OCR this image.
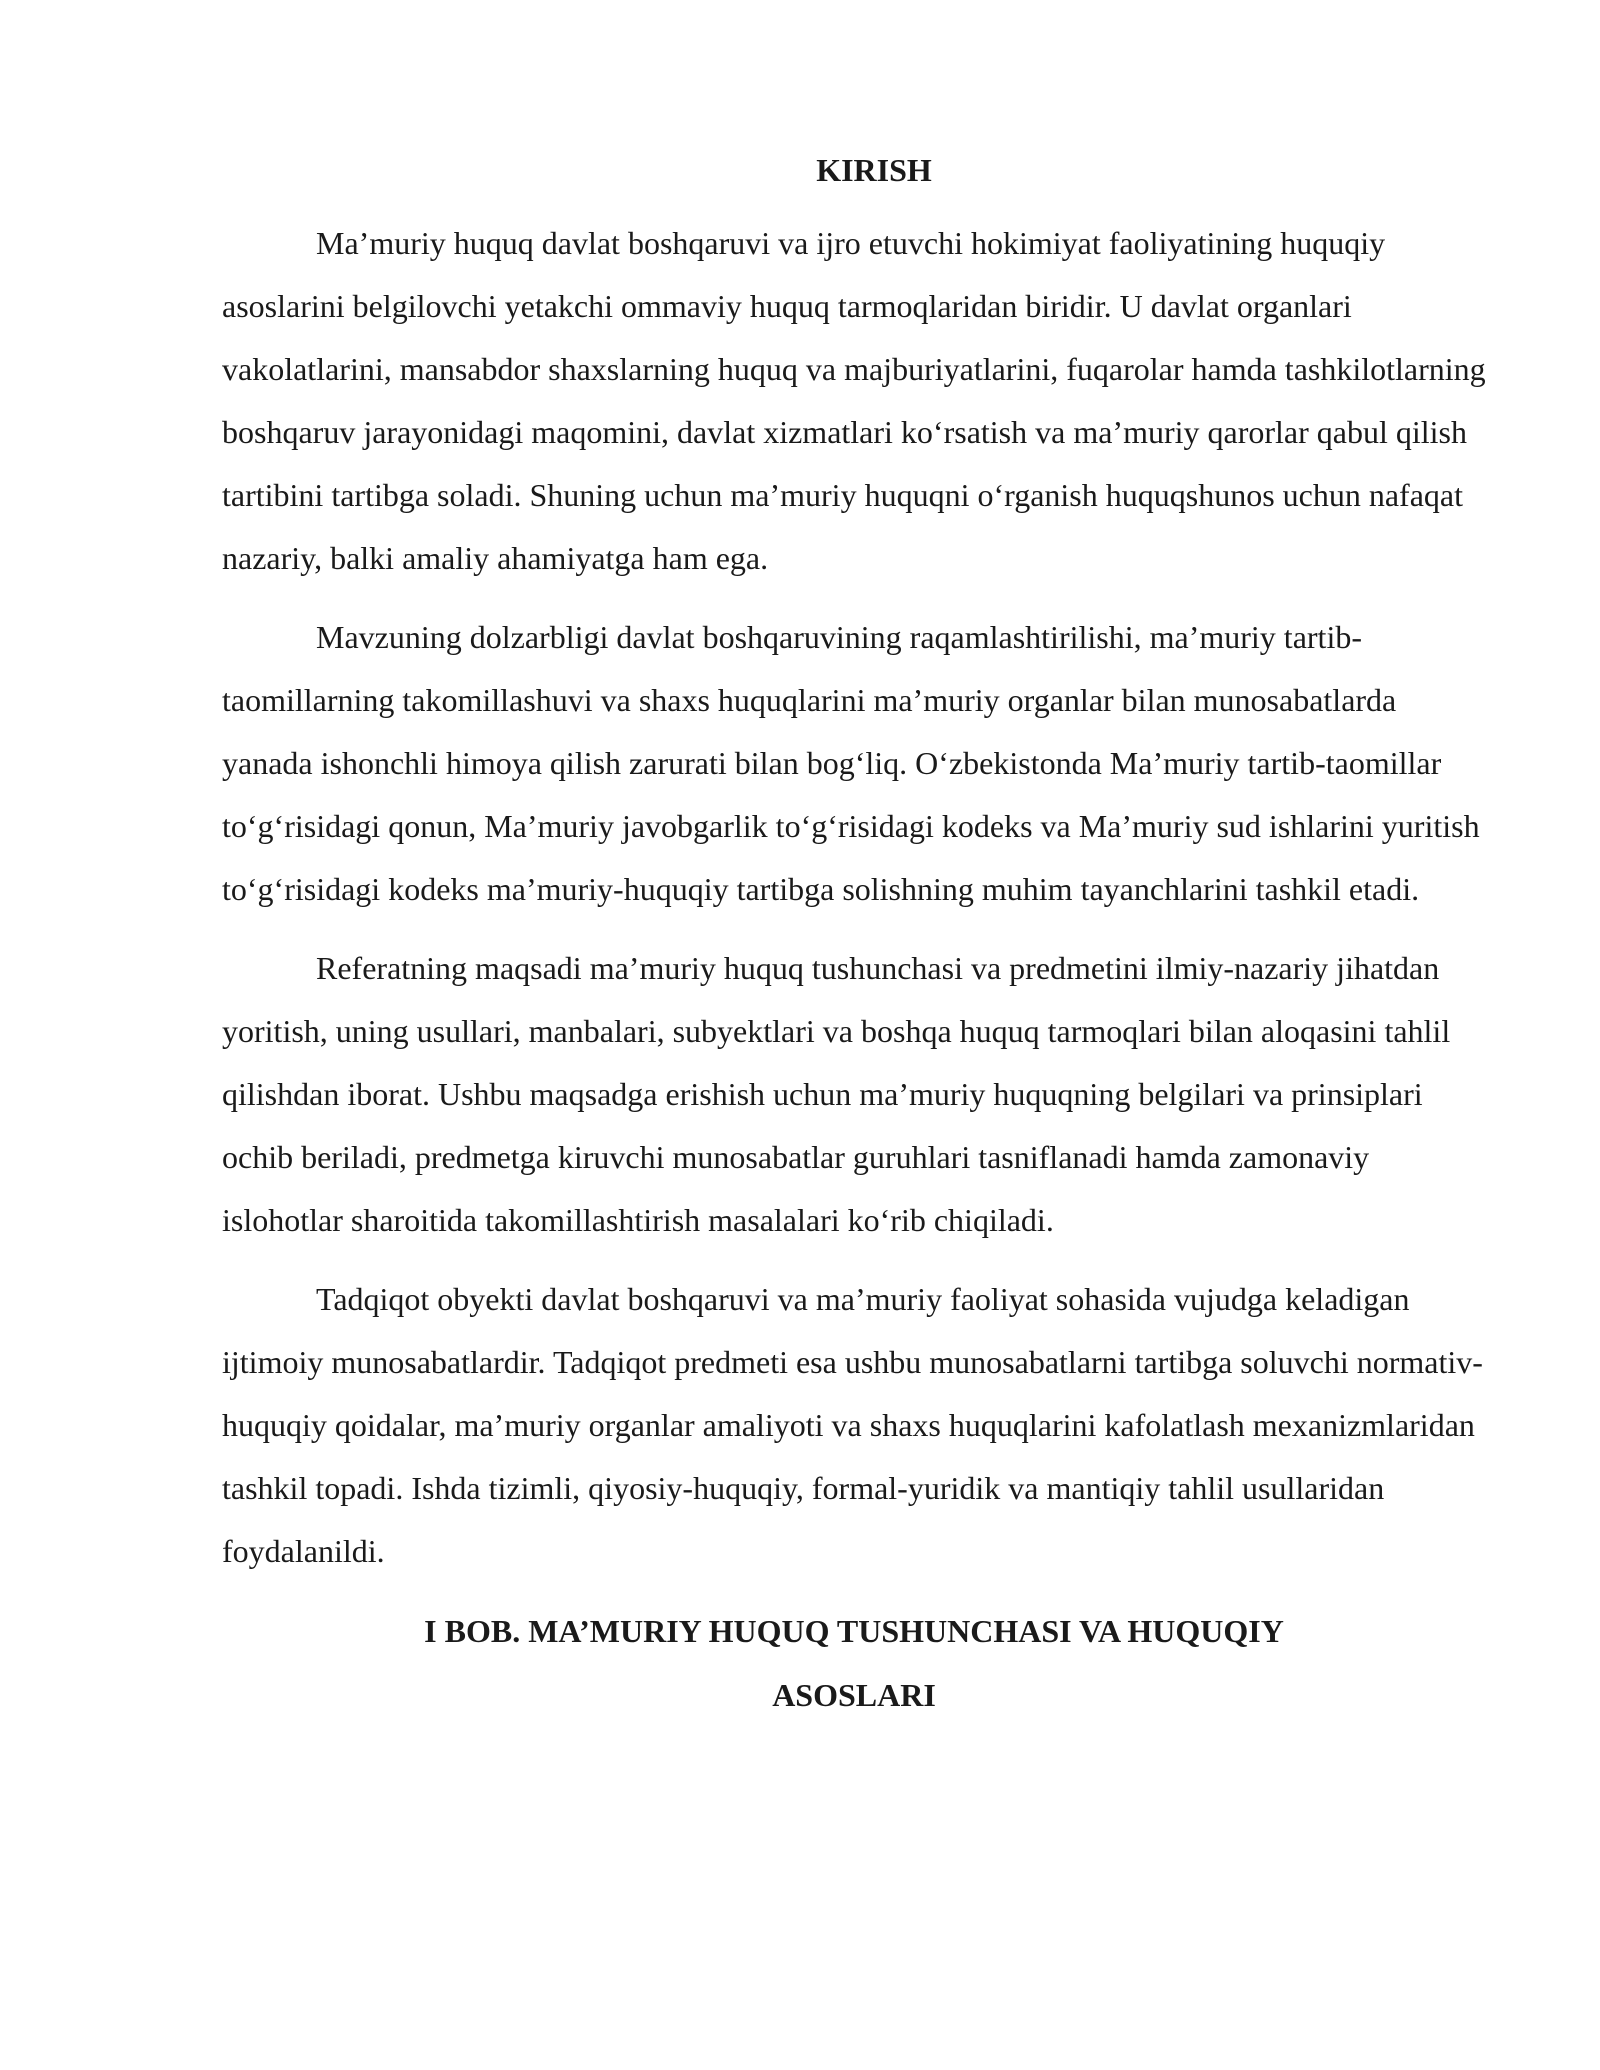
KIRISH

Ma’muriy huquq davlat boshqaruvi va ijro etuvchi hokimiyat faoliyatining huquqiy asoslarini belgilovchi yetakchi ommaviy huquq tarmoqlaridan biridir. U davlat organlari vakolatlarini, mansabdor shaxslarning huquq va majburiyatlarini, fuqarolar hamda tashkilotlarning boshqaruv jarayonidagi maqomini, davlat xizmatlari koʻrsatish va ma’muriy qarorlar qabul qilish tartibini tartibga soladi. Shuning uchun ma’muriy huquqni oʻrganish huquqshunos uchun nafaqat nazariy, balki amaliy ahamiyatga ham ega.

Mavzuning dolzarbligi davlat boshqaruvining raqamlashtirilishi, ma’muriy tartib-taomillarning takomillashuvi va shaxs huquqlarini ma’muriy organlar bilan munosabatlarda yanada ishonchli himoya qilish zarurati bilan bogʻliq. Oʻzbekistonda Ma’muriy tartib-taomillar toʻgʻrisidagi qonun, Ma’muriy javobgarlik toʻgʻrisidagi kodeks va Ma’muriy sud ishlarini yuritish toʻgʻrisidagi kodeks ma’muriy-huquqiy tartibga solishning muhim tayanchlarini tashkil etadi.

Referatning maqsadi ma’muriy huquq tushunchasi va predmetini ilmiy-nazariy jihatdan yoritish, uning usullari, manbalari, subyektlari va boshqa huquq tarmoqlari bilan aloqasini tahlil qilishdan iborat. Ushbu maqsadga erishish uchun ma’muriy huquqning belgilari va prinsiplari ochib beriladi, predmetga kiruvchi munosabatlar guruhlari tasniflanadi hamda zamonaviy islohotlar sharoitida takomillashtirish masalalari koʻrib chiqiladi.

Tadqiqot obyekti davlat boshqaruvi va ma’muriy faoliyat sohasida vujudga keladigan ijtimoiy munosabatlardir. Tadqiqot predmeti esa ushbu munosabatlarni tartibga soluvchi normativ-huquqiy qoidalar, ma’muriy organlar amaliyoti va shaxs huquqlarini kafolatlash mexanizmlaridan tashkil topadi. Ishda tizimli, qiyosiy-huquqiy, formal-yuridik va mantiqiy tahlil usullaridan foydalanildi.

I BOB. MA’MURIY HUQUQ TUSHUNCHASI VA HUQUQIY
ASOSLARI
